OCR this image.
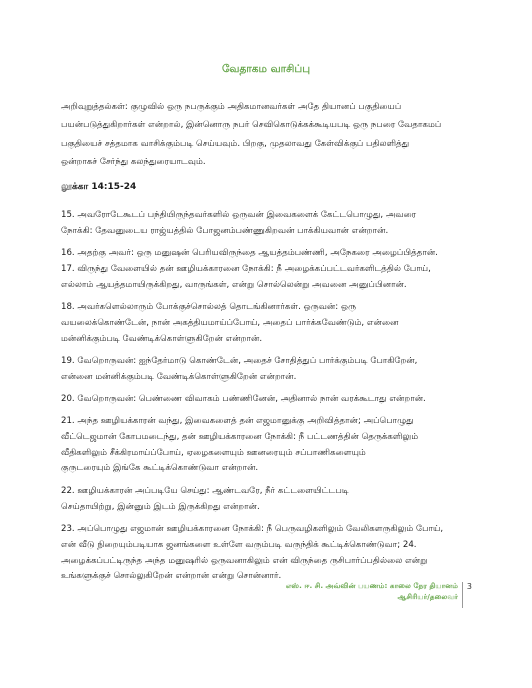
வேதாகம வாசிப்பு

அறிவுறுத்தல்கள்: குழுவில் ஒரு நபருக்கும் அதிகமானவர்கள் அதே தியானப் பகுதியைப்

பயன்படுத்துகிறார்கள் என்றால், இன்னொரு நபர் செவிகொடுக்கக்கூடியபடி ஒரு நபரை வேதாகமப்

பகுதியைச் சத்தமாக வாசிக்கும்படி செய்யவும். பிறகு, முதலாவது கேள்விக்குப் பதிலளித்து

ஒன்றாகச் சேர்ந்து கலந்துரையாடவும்.

லூக்கா 14:15-24

15. அவரோடேகூடப் பந்தியிருந்தவர்களில் ஒருவன் இவைகளைக் கேட்டபொழுது, அவரை

நோக்கி: தேவனுடைய ராஜ்யத்தில் போஜனம்பண்ணுகிறவன் பாக்கியவான் என்றான்.

16. அதற்கு அவர்: ஒரு மனுஷன் பெரியவிருந்தை ஆயத்தம்பண்ணி, அநேகரை அழைப்பித்தான்.

17. விருந்து வேளையில் தன் ஊழியக்காரனை நோக்கி: நீ அழைக்கப்பட்டவர்களிடத்தில் போய்,

எல்லாம் ஆயத்தமாயிருக்கிறது, வாருங்கள், என்று சொல்லென்று அவனை அனுப்பினான்.

18. அவர்களெல்லாரும் போக்குச்சொல்லத் தொடங்கினார்கள். ஒருவன்: ஒரு

வயலைக்கொண்டேன், நான் அகத்தியமாய்ப்போய், அதைப் பார்க்கவேண்டும், என்னை

மன்னிக்கும்படி வேண்டிக்கொள்ளுகிறேன் என்றான்.

19. வேறொருவன்: ஐந்தேர்மாடு கொண்டேன், அதைச் சோதித்துப் பார்க்கும்படி போகிறேன்,

என்னை மன்னிக்கும்படி வேண்டிக்கொள்ளுகிறேன் என்றான்.

20. வேறொருவன்: பெண்ணை விவாகம் பண்ணினேன், அதினால் நான் வரக்கூடாது என்றான்.

21. அந்த ஊழியக்காரன் வந்து, இவைகளைத் தன் எஜமானுக்கு அறிவித்தான்; அப்பொழுது

வீட்டெஜமான் கோபமடைந்து, தன் ஊழியக்காரனை நோக்கி: நீ பட்டணத்தின் தெருக்களிலும்

வீதிகளிலும் சீக்கிரமாய்ப்போய், ஏழைகளையும் ஊனரையும் சப்பாணிகளையும்

குருடரையும் இங்கே கூட்டிக்கொண்டுவா என்றான்.

22. ஊழியக்காரன் அப்படியே செய்து: ஆண்டவரே, நீர் கட்டளையிட்டபடி

செய்தாயிற்று, இன்னும் இடம் இருக்கிறது என்றான்.

23. அப்பொழுது எஜமான் ஊழியக்காரனை நோக்கி: நீ பெருவழிகளிலும் வேலிகளருகிலும் போய்,

என் வீடு நிறையும்படியாக ஜனங்களை உள்ளே வரும்படி வருந்திக் கூட்டிக்கொண்டுவா; 24.

அழைக்கப்பட்டிருந்த அந்த மனுஷரில் ஒருவனாகிலும் என் விருந்தை ருசிபார்ப்பதில்லை என்று

உங்களுக்குச் சொல்லுகிறேன் என்றான் என்று சொன்னார்.

எஸ். ஈ. சி. அவ்வின் பயணம்: காலை நேர தியானம்
ஆசிரியர்/தலைவர்
3
